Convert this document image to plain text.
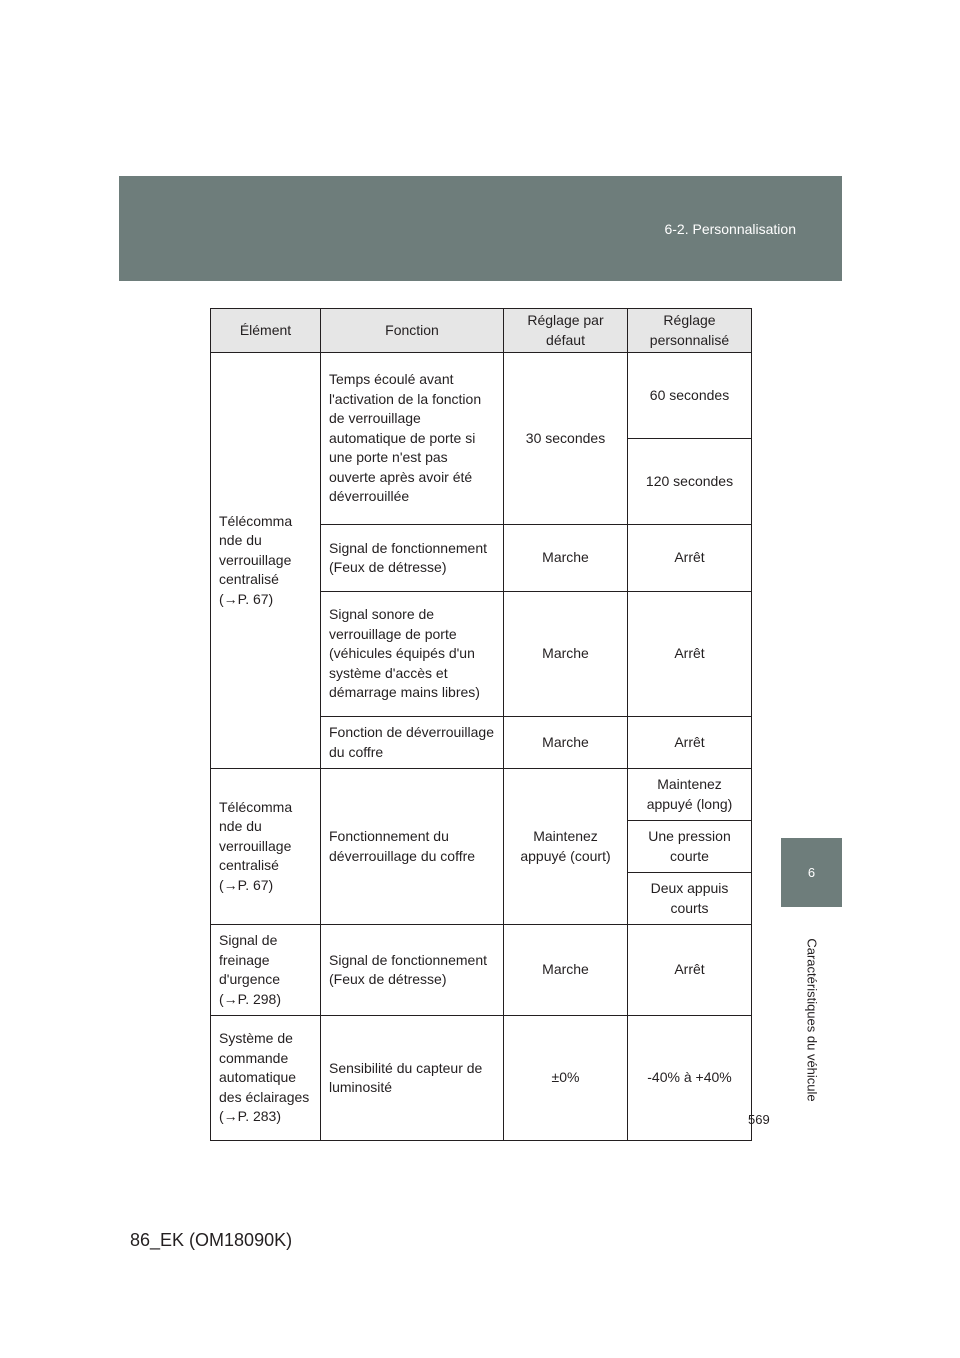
6-2. Personnalisation
6
Caractéristiques du véhicule
Élément	Fonction	Réglage par défaut	Réglage personnalisé
Télécomma nde du verrouillage centralisé (→P. 67)	Temps écoulé avant l'activation de la fonction de verrouillage automatique de porte si une porte n'est pas ouverte après avoir été déverrouillée	30 secondes	60 secondes
			120 secondes
	Signal de fonctionnement (Feux de détresse)	Marche	Arrêt
	Signal sonore de verrouillage de porte (véhicules équipés d'un système d'accès et démarrage mains libres)	Marche	Arrêt
	Fonction de déverrouillage du coffre	Marche	Arrêt
Télécomma nde du verrouillage centralisé (→P. 67)	Fonctionnement du déverrouillage du coffre	Maintenez appuyé (court)	Maintenez appuyé (long)
			Une pression courte
			Deux appuis courts
Signal de freinage d'urgence (→P. 298)	Signal de fonctionnement (Feux de détresse)	Marche	Arrêt
Système de commande automatique des éclairages (→P. 283)	Sensibilité du capteur de luminosité	±0%	-40% à +40%
569
86_EK (OM18090K)
